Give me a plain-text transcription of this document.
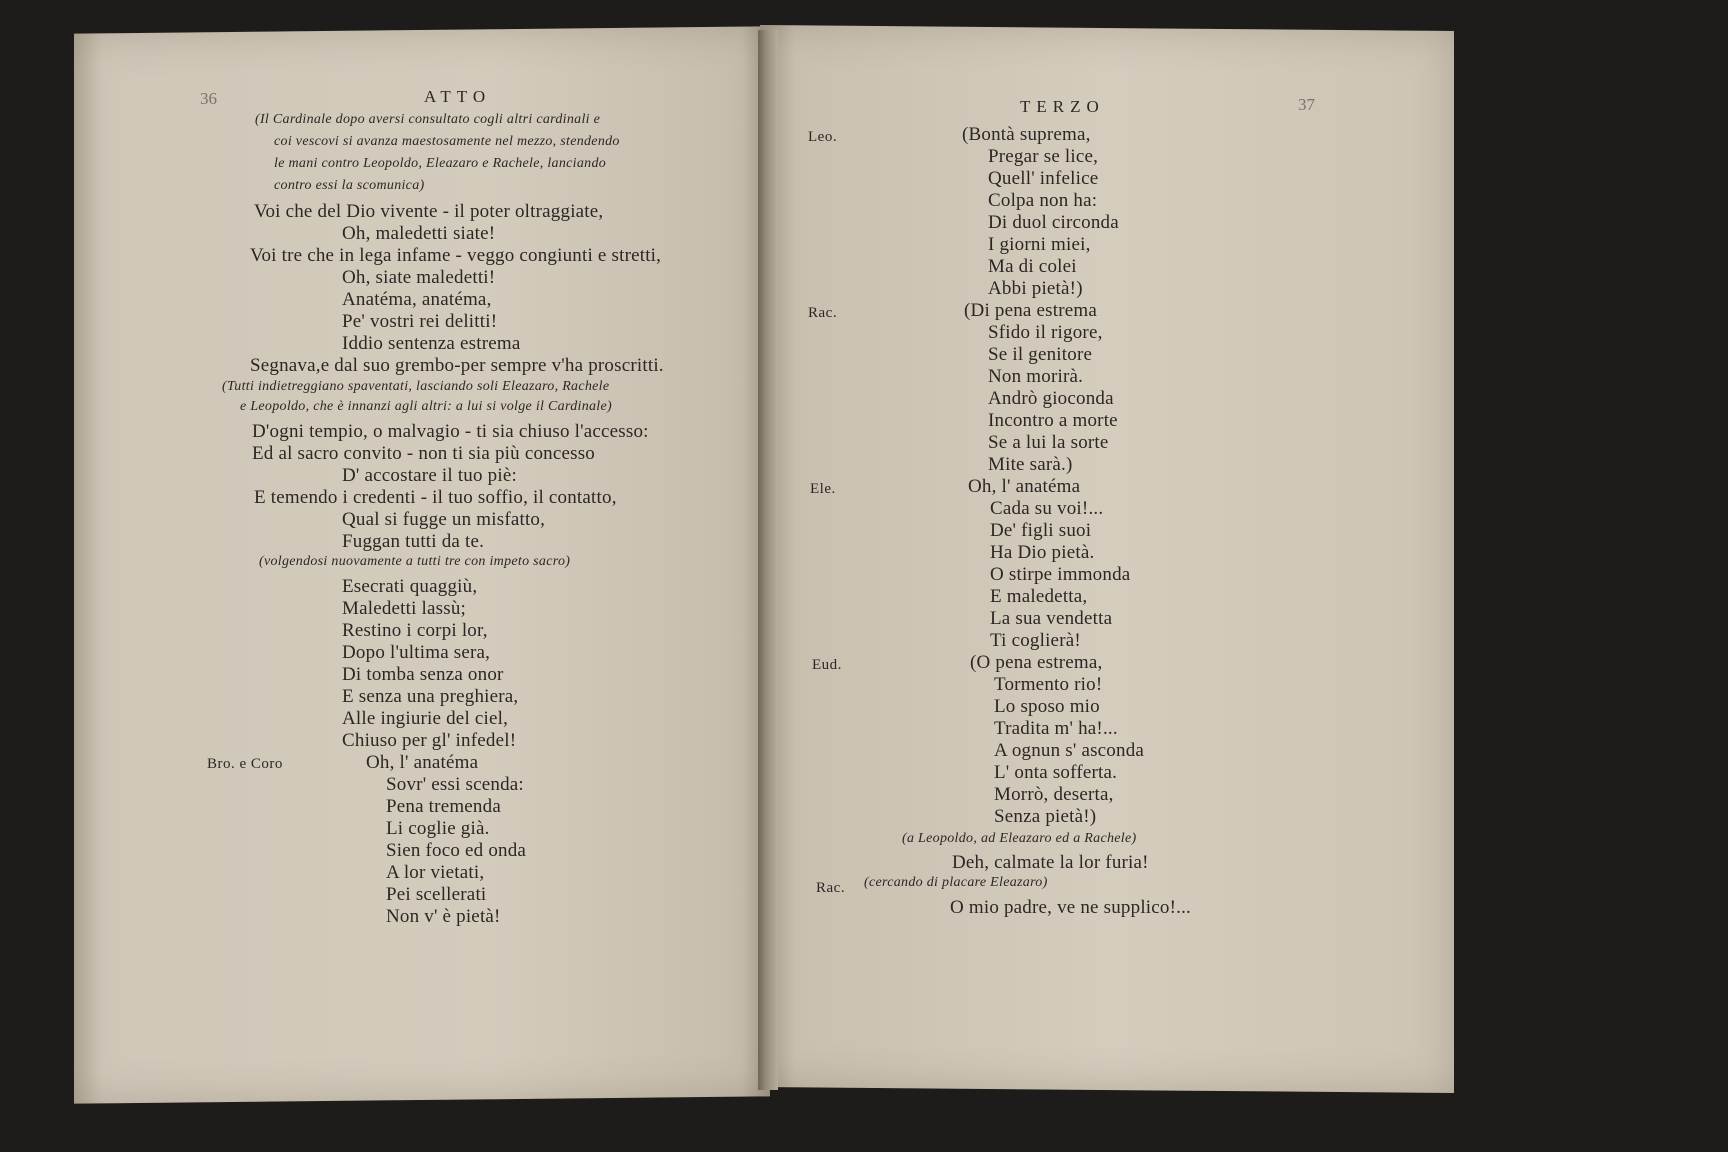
36	ATTO
(Il Cardinale dopo aversi consultato cogli altri cardinali e
coi vescovi si avanza maestosamente nel mezzo, stendendo
le mani contro Leopoldo, Eleazaro e Rachele, lanciando
contro essi la scomunica)
Voi che del Dio vivente - il poter oltraggiate,
Oh, maledetti siate!
Voi tre che in lega infame - veggo congiunti e stretti,
Oh, siate maledetti!
Anatéma, anatéma,
Pe' vostri rei delitti!
Iddio sentenza estrema
Segnava,e dal suo grembo-per sempre v'ha proscritti.
(Tutti indietreggiano spaventati, lasciando soli Eleazaro, Rachele
e Leopoldo, che è innanzi agli altri: a lui si volge il Cardinale)
D'ogni tempio, o malvagio - ti sia chiuso l'accesso:
Ed al sacro convito - non ti sia più concesso
D' accostare il tuo piè:
E temendo i credenti - il tuo soffio, il contatto,
Qual si fugge un misfatto,
Fuggan tutti da te.
(volgendosi nuovamente a tutti tre con impeto sacro)
Esecrati quaggiù,
Maledetti lassù;
Restino i corpi lor,
Dopo l'ultima sera,
Di tomba senza onor
E senza una preghiera,
Alle ingiurie del ciel,
Chiuso per gl' infedel!
Bro. e Coro	Oh, l' anatéma
Sovr' essi scenda:
Pena tremenda
Li coglie già.
Sien foco ed onda
A lor vietati,
Pei scellerati
Non v' è pietà!
TERZO	37
Leo.	(Bontà suprema,
Pregar se lice,
Quell' infelice
Colpa non ha:
Di duol circonda
I giorni miei,
Ma di colei
Abbi pietà!)
Rac.	(Di pena estrema
Sfido il rigore,
Se il genitore
Non morirà.
Andrò gioconda
Incontro a morte
Se a lui la sorte
Mite sarà.)
Ele.	Oh, l' anatéma
Cada su voi!...
De' figli suoi
Ha Dio pietà.
O stirpe immonda
E maledetta,
La sua vendetta
Ti coglierà!
Eud.	(O pena estrema,
Tormento rio!
Lo sposo mio
Tradita m' ha!...
A ognun s' asconda
L' onta sofferta.
Morrò, deserta,
Senza pietà!)
(a Leopoldo, ad Eleazaro ed a Rachele)
Deh, calmate la lor furia!
Rac. (cercando di placare Eleazaro)
O mio padre, ve ne supplico!...
